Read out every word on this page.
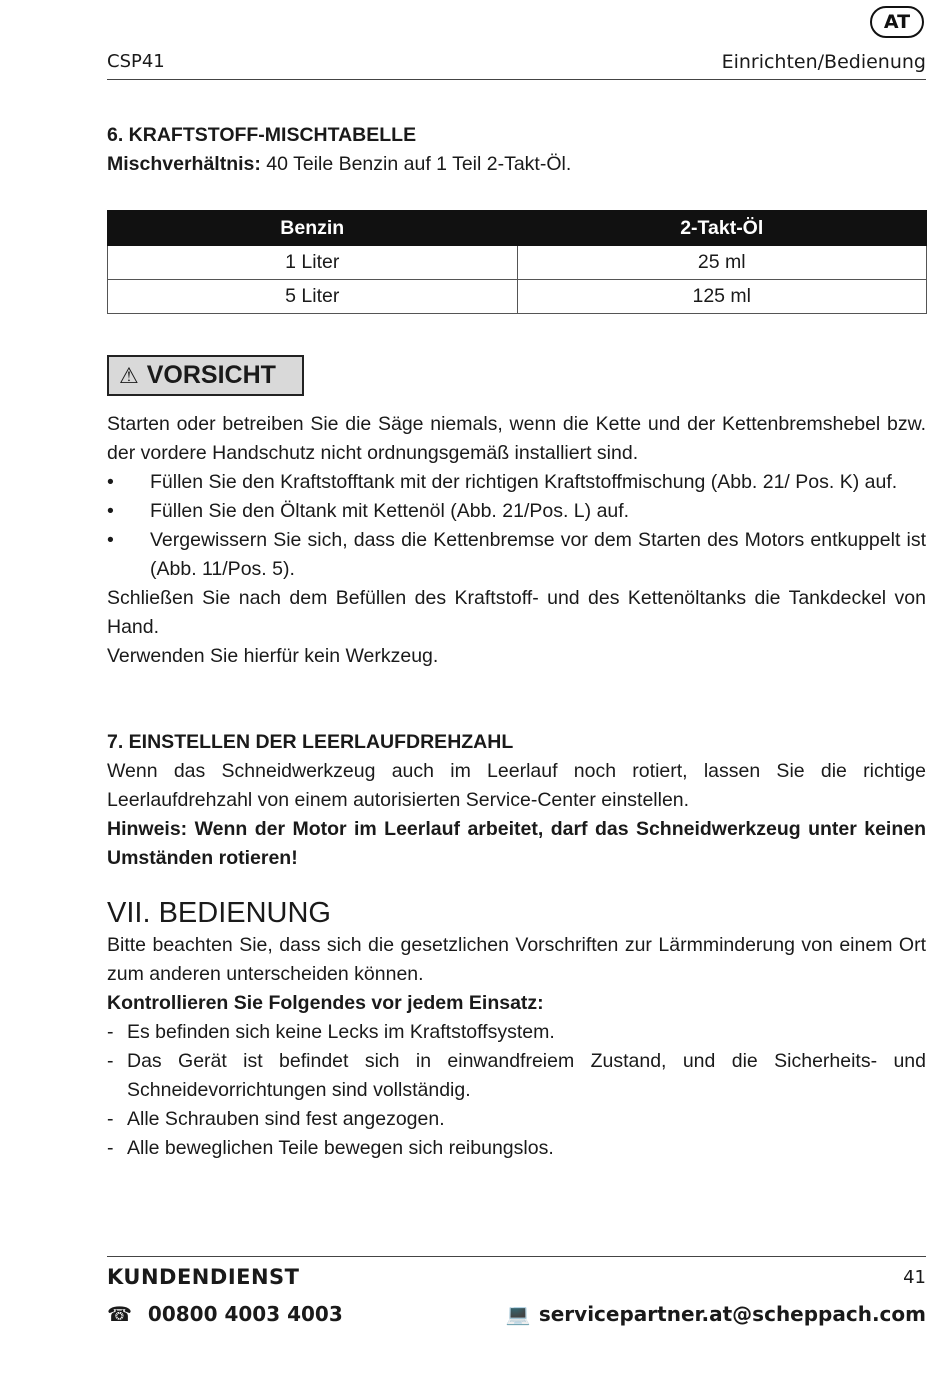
AT
CSP41	Einrichten/Bedienung
6. KRAFTSTOFF-MISCHTABELLE

Mischverhältnis: 40 Teile Benzin auf 1 Teil 2-Takt-Öl.

Benzin	2-Takt-Öl
1 Liter	25 ml
5 Liter	125 ml
⚠ VORSICHT

Starten oder betreiben Sie die Säge niemals, wenn die Kette und der Kettenbremshebel bzw. der vordere Handschutz nicht ordnungsgemäß installiert sind.

• Füllen Sie den Kraftstofftank mit der richtigen Kraftstoffmischung (Abb. 21/ Pos. K) auf.
• Füllen Sie den Öltank mit Kettenöl (Abb. 21/Pos. L) auf.
• Vergewissern Sie sich, dass die Kettenbremse vor dem Starten des Motors entkuppelt ist (Abb. 11/Pos. 5).

Schließen Sie nach dem Befüllen des Kraftstoff- und des Kettenöltanks die Tankdeckel von Hand.

Verwenden Sie hierfür kein Werkzeug.

7. EINSTELLEN DER LEERLAUFDREHZAHL

Wenn das Schneidwerkzeug auch im Leerlauf noch rotiert, lassen Sie die richtige Leerlaufdrehzahl von einem autorisierten Service-Center einstellen.

Hinweis: Wenn der Motor im Leerlauf arbeitet, darf das Schneidwerkzeug unter keinen Umständen rotieren!

VII. BEDIENUNG

Bitte beachten Sie, dass sich die gesetzlichen Vorschriften zur Lärmminderung von einem Ort zum anderen unterscheiden können.

Kontrollieren Sie Folgendes vor jedem Einsatz:

- Es befinden sich keine Lecks im Kraftstoffsystem.
- Das Gerät ist befindet sich in einwandfreiem Zustand, und die Sicherheits- und Schneidevorrichtungen sind vollständig.
- Alle Schrauben sind fest angezogen.
- Alle beweglichen Teile bewegen sich reibungslos.
KUNDENDIENST	41
☎ 00800 4003 4003	💻 servicepartner.at@scheppach.com
